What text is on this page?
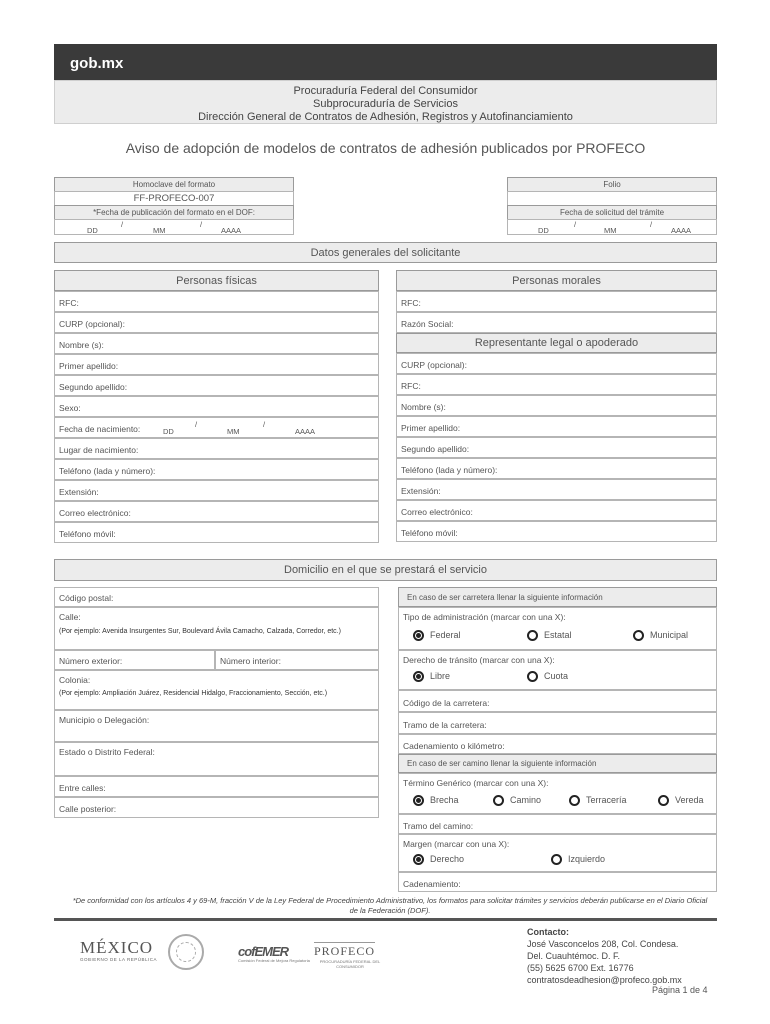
gob.mx
Procuraduría Federal del Consumidor
Subprocuraduría de Servicios
Dirección General de Contratos de Adhesión, Registros y Autofinanciamiento
Aviso de adopción de modelos de contratos de adhesión publicados por PROFECO
Homoclave del formato
FF-PROFECO-007
*Fecha de publicación del formato en el DOF:
DD
/
MM
/
AAAA
Folio
Fecha de solicitud del trámite
DD
/
MM
/
AAAA
Datos generales del solicitante
Personas físicas
RFC:
CURP (opcional):
Nombre (s):
Primer apellido:
Segundo apellido:
Sexo:
Fecha de nacimiento:	DD
/
MM
/
AAAA
Lugar de nacimiento:
Teléfono (lada y número):
Extensión:
Correo electrónico:
Teléfono móvil:
Personas morales
RFC:
Razón Social:
Representante legal o apoderado
CURP (opcional):
RFC:
Nombre (s):
Primer apellido:
Segundo apellido:
Teléfono (lada y número):
Extensión:
Correo electrónico:
Teléfono móvil:
Domicilio en el que se prestará el servicio
Código postal:
Calle:
(Por ejemplo: Avenida Insurgentes Sur, Boulevard Ávila Camacho, Calzada, Corredor, etc.)
Número exterior:	Número interior:
Colonia:
(Por ejemplo: Ampliación Juárez, Residencial Hidalgo, Fraccionamiento, Sección, etc.)
Municipio o Delegación:
Estado o Distrito Federal:
Entre calles:
Calle posterior:
En caso de ser carretera llenar la siguiente información
Tipo de administración (marcar con una X):
Federal	Estatal	Municipal
Derecho de tránsito (marcar con una X):
Libre	Cuota
Código de la carretera:
Tramo de la carretera:
Cadenamiento o kilómetro:
En caso de ser camino llenar la siguiente información
Término Genérico (marcar con una X):
Brecha	Camino	Terracería	Vereda
Tramo del camino:
Margen (marcar con una X):
Derecho	Izquierdo
Cadenamiento:
*De conformidad con los artículos 4 y 69-M, fracción V de la Ley Federal de Procedimiento Administrativo, los formatos para solicitar trámites y servicios deberán publicarse en el Diario Oficial de la Federación (DOF).
MÉXICO
GOBIERNO DE LA REPÚBLICA
cofEMER
Comisión Federal de Mejora Regulatoria
PROFECO
PROCURADURÍA FEDERAL DEL CONSUMIDOR
Contacto:
José Vasconcelos 208, Col. Condesa.
Del. Cuauhtémoc. D. F.
(55) 5625 6700 Ext. 16776
contratosdeadhesion@profeco.gob.mx
Página 1 de 4
